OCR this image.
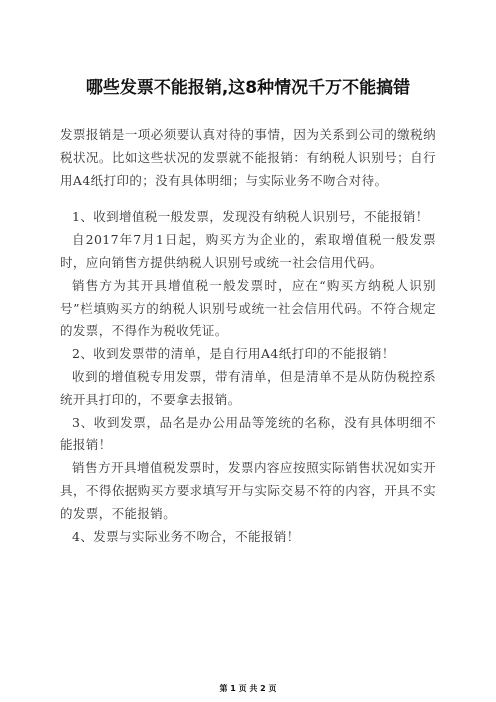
哪些发票不能报销,这8种情况千万不能搞错

发票报销是一项必须要认真对待的事情，因为关系到公司的缴税纳税状况。比如这些状况的发票就不能报销：有纳税人识别号；自行用A4纸打印的；没有具体明细；与实际业务不吻合对待。

1、收到增值税一般发票，发现没有纳税人识别号，不能报销！

自2017年7月1日起，购买方为企业的，索取增值税一般发票时，应向销售方提供纳税人识别号或统一社会信用代码。

销售方为其开具增值税一般发票时，应在“购买方纳税人识别号”栏填购买方的纳税人识别号或统一社会信用代码。不符合规定的发票，不得作为税收凭证。

2、收到发票带的清单，是自行用A4纸打印的不能报销！

收到的增值税专用发票，带有清单，但是清单不是从防伪税控系统开具打印的，不要拿去报销。

3、收到发票，品名是办公用品等笼统的名称，没有具体明细不能报销！

销售方开具增值税发票时，发票内容应按照实际销售状况如实开具，不得依据购买方要求填写开与实际交易不符的内容，开具不实的发票，不能报销。

4、发票与实际业务不吻合，不能报销！

第 1 页 共 2 页
